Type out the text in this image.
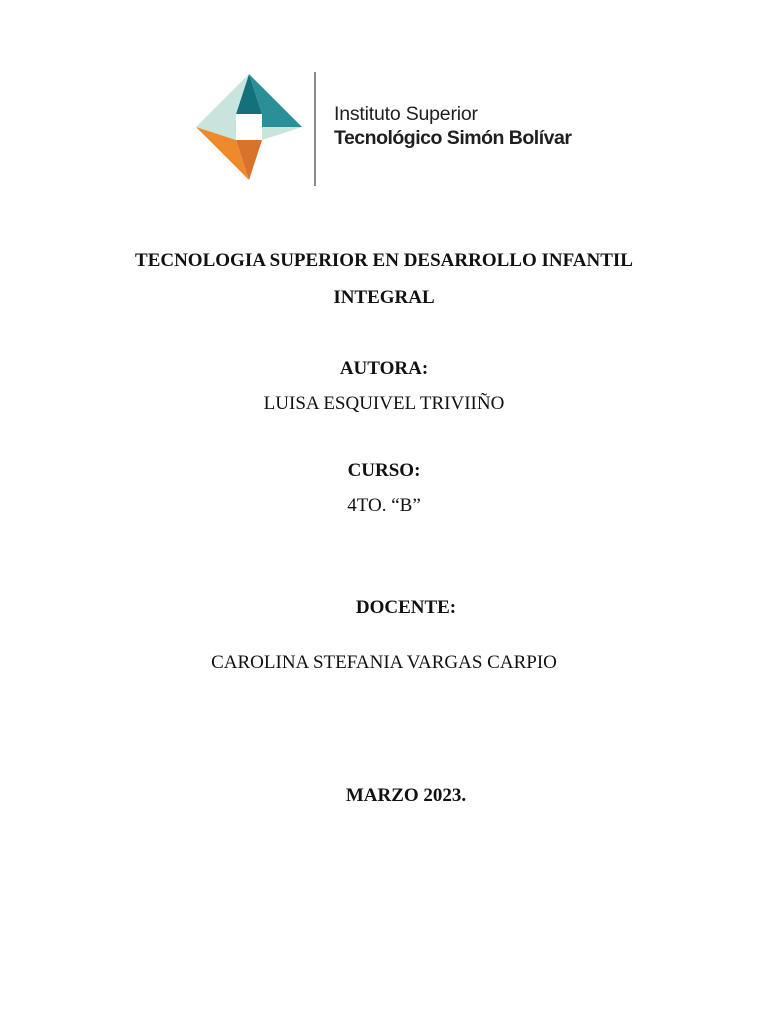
Instituto Superior
Tecnológico Simón Bolívar
TECNOLOGIA SUPERIOR EN DESARROLLO INFANTIL
INTEGRAL
AUTORA:
LUISA ESQUIVEL TRIVIIÑO
CURSO:
4TO. “B”
DOCENTE:
CAROLINA STEFANIA VARGAS CARPIO
MARZO 2023.
